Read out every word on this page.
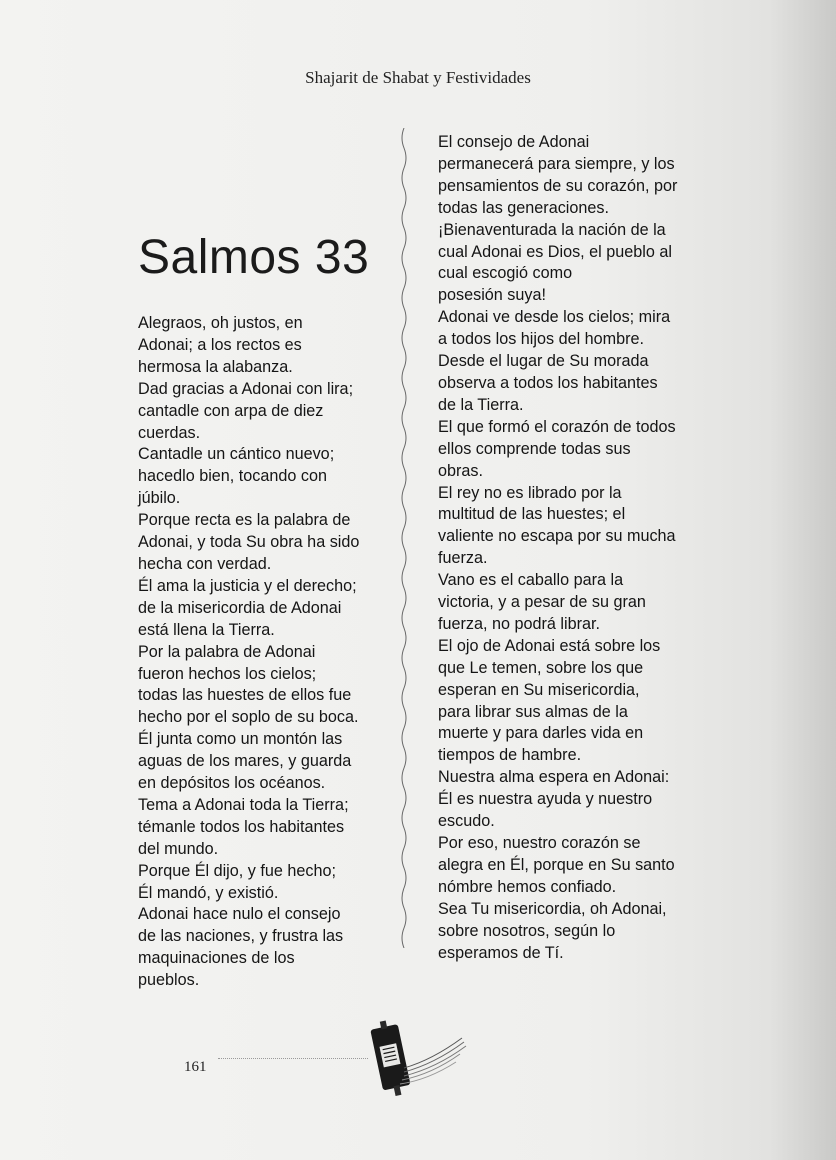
Shajarit de Shabat y Festividades
Salmos 33

Alegraos, oh justos, en

Adonai; a los rectos es

hermosa la alabanza.

Dad gracias a Adonai con lira;

cantadle con arpa de diez

cuerdas.

Cantadle un cántico nuevo;

hacedlo bien, tocando con

júbilo.

Porque recta es la palabra de

Adonai, y toda Su obra ha sido

hecha con verdad.

Él ama la justicia y el derecho;

de la misericordia de Adonai

está llena la Tierra.

Por la palabra de Adonai

fueron hechos los cielos;

todas las huestes de ellos fue

hecho por el soplo de su boca.

Él junta como un montón las

aguas de los mares, y guarda

en depósitos los océanos.

Tema a Adonai toda la Tierra;

témanle todos los habitantes

del mundo.

Porque Él dijo, y fue hecho;

Él mandó, y existió.

Adonai hace nulo el consejo

de las naciones, y frustra las

maquinaciones de los

pueblos.

El consejo de Adonai

permanecerá para siempre, y los

pensamientos de su corazón, por

todas las generaciones.

¡Bienaventurada la nación de la

cual Adonai es Dios, el pueblo al

cual escogió como

posesión suya!

Adonai ve desde los cielos; mira

a todos los hijos del hombre.

Desde el lugar de Su morada

observa a todos los habitantes

de la Tierra.

El que formó el corazón de todos

ellos comprende todas sus

obras.

El rey no es librado por la

multitud de las huestes; el

valiente no escapa por su mucha

fuerza.

Vano es el caballo para la

victoria, y a pesar de su gran

fuerza, no podrá librar.

El ojo de Adonai está sobre los

que Le temen, sobre los que

esperan en Su misericordia,

para librar sus almas de la

muerte y para darles vida en

tiempos de hambre.

Nuestra alma espera en Adonai:

Él es nuestra ayuda y nuestro

escudo.

Por eso, nuestro corazón se

alegra en Él, porque en Su santo

nómbre hemos confiado.

Sea Tu misericordia, oh Adonai,

sobre nosotros, según lo

esperamos de Tí.

161
